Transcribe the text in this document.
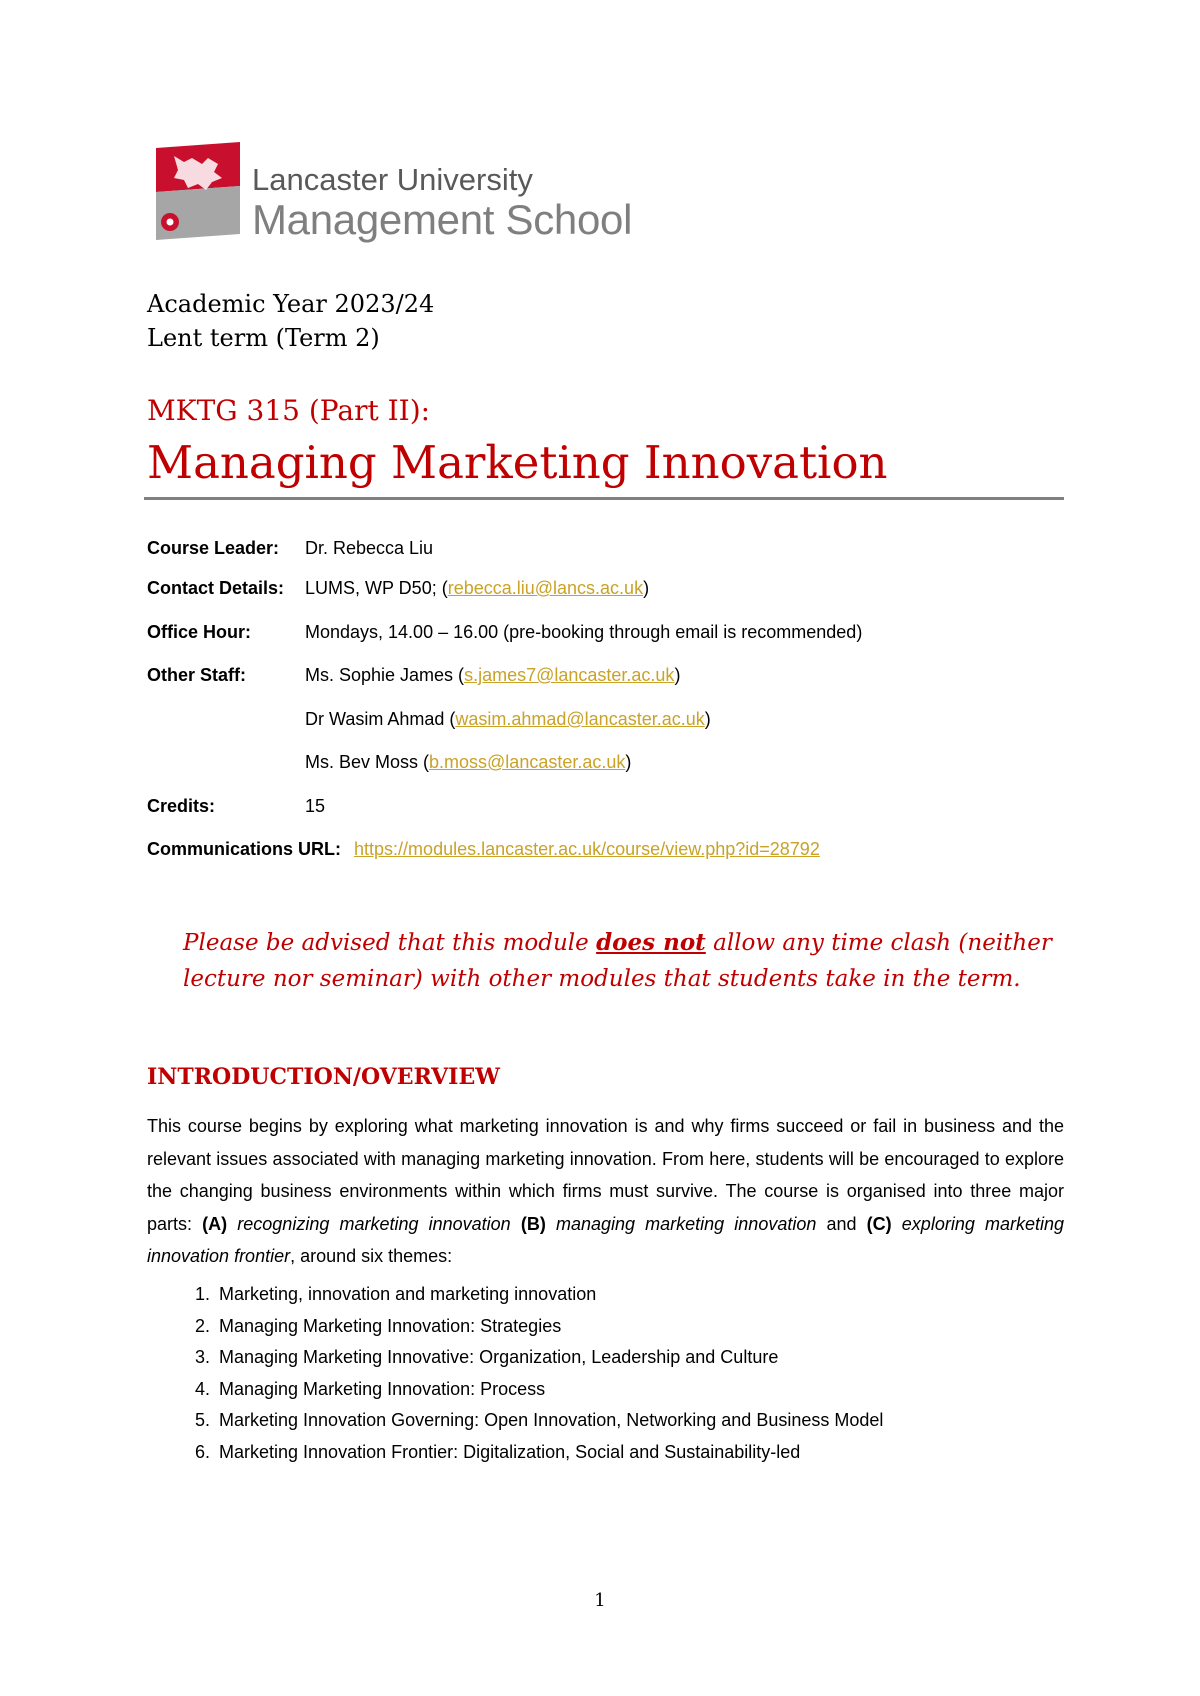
Lancaster University
Management School
Academic Year 2023/24
Lent term (Term 2)
MKTG 315 (Part II):
Managing Marketing Innovation
Course Leader: Dr. Rebecca Liu
Contact Details: LUMS, WP D50; (rebecca.liu@lancs.ac.uk)
Office Hour:	Mondays, 14.00 – 16.00 (pre-booking through email is recommended)
Other Staff:	Ms. Sophie James (s.james7@lancaster.ac.uk)
Dr Wasim Ahmad (wasim.ahmad@lancaster.ac.uk)
Ms. Bev Moss (b.moss@lancaster.ac.uk)
Credits:	15
Communications URL: https://modules.lancaster.ac.uk/course/view.php?id=28792
Please be advised that this module does not allow any time clash (neither lecture nor seminar) with other modules that students take in the term.
INTRODUCTION/OVERVIEW
This course begins by exploring what marketing innovation is and why firms succeed or fail in business and the relevant issues associated with managing marketing innovation. From here, students will be encouraged to explore the changing business environments within which firms must survive. The course is organised into three major parts: (A) recognizing marketing innovation (B) managing marketing innovation and (C) exploring marketing innovation frontier, around six themes:
1. Marketing, innovation and marketing innovation
2. Managing Marketing Innovation: Strategies
3. Managing Marketing Innovative: Organization, Leadership and Culture
4. Managing Marketing Innovation: Process
5. Marketing Innovation Governing: Open Innovation, Networking and Business Model
6. Marketing Innovation Frontier: Digitalization, Social and Sustainability-led
1
